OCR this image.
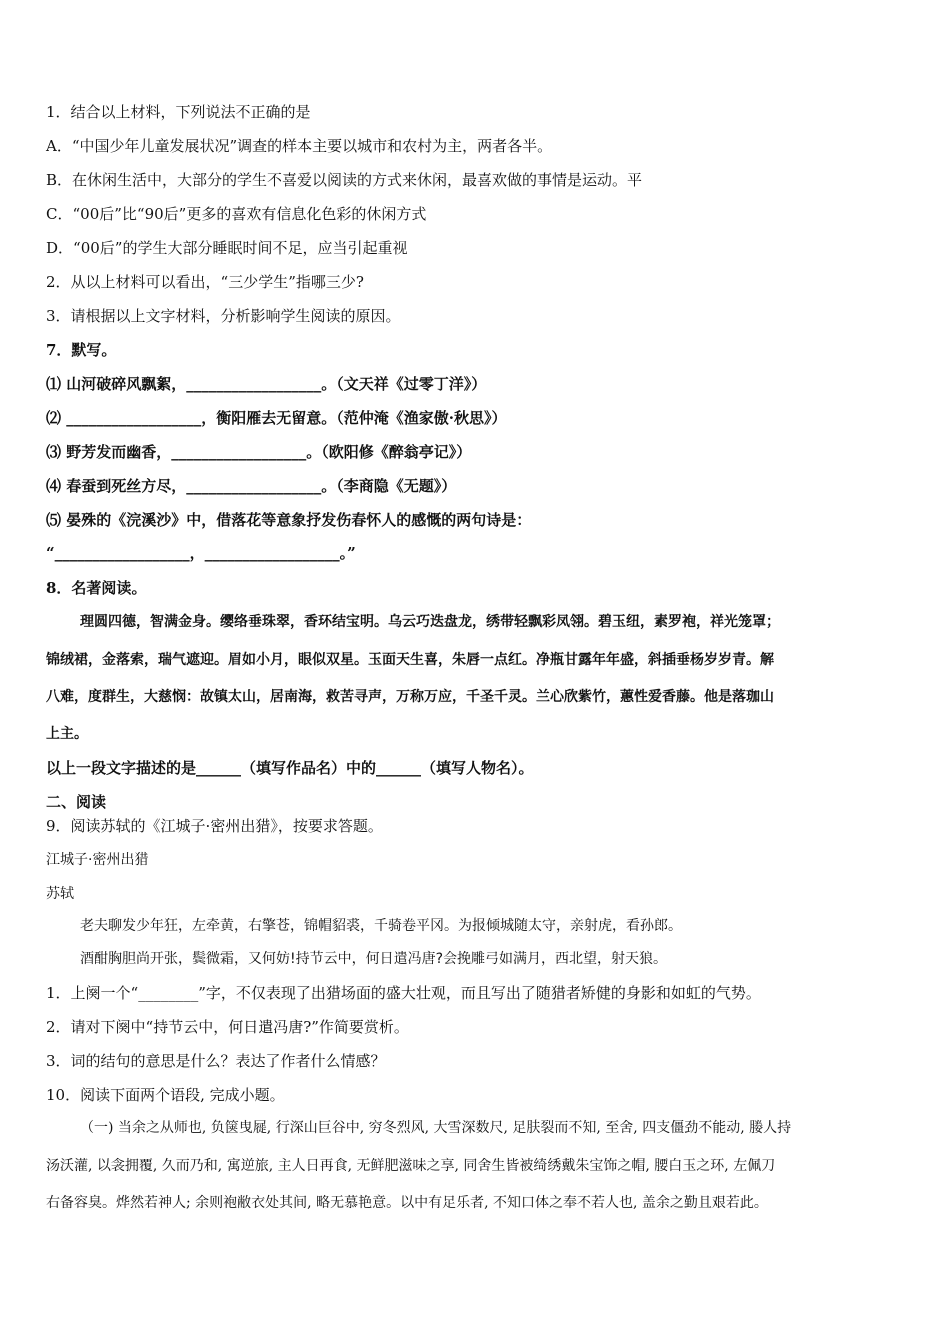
1．结合以上材料，下列说法不正确的是
A．“中国少年儿童发展状况”调查的样本主要以城市和农村为主，两者各半。
B．在休闲生活中，大部分的学生不喜爱以阅读的方式来休闲，最喜欢做的事情是运动。平
C．“00后”比“90后”更多的喜欢有信息化色彩的休闲方式
D．“00后”的学生大部分睡眠时间不足，应当引起重视
2．从以上材料可以看出，“三少学生”指哪三少?
3．请根据以上文字材料，分析影响学生阅读的原因。
7．默写。
⑴ 山河破碎风飘絮，__________________。（文天祥《过零丁洋》）
⑵ __________________，衡阳雁去无留意。（范仲淹《渔家傲·秋思》）
⑶ 野芳发而幽香，__________________。（欧阳修《醉翁亭记》）
⑷ 春蚕到死丝方尽，__________________。（李商隐《无题》）
⑸ 晏殊的《浣溪沙》中，借落花等意象抒发伤春怀人的感慨的两句诗是：
“__________________，__________________。”
8．名著阅读。
理圆四德，智满金身。缨络垂珠翠，香环结宝明。乌云巧迭盘龙，绣带轻飘彩凤翎。碧玉纽，素罗袍，祥光笼罩；
锦绒裙，金落索，瑞气遮迎。眉如小月，眼似双星。玉面天生喜，朱唇一点红。净瓶甘露年年盛，斜插垂杨岁岁青。解
八难，度群生，大慈悯：故镇太山，居南海，救苦寻声，万称万应，千圣千灵。兰心欣紫竹，蕙性爱香藤。他是落珈山
上主。
以上一段文字描述的是______（填写作品名）中的______（填写人物名）。
二、阅读
9．阅读苏轼的《江城子·密州出猎》，按要求答题。
江城子·密州出猎
苏轼
老夫聊发少年狂，左牵黄，右擎苍，锦帽貂裘，千骑卷平冈。为报倾城随太守，亲射虎，看孙郎。
酒酣胸胆尚开张，鬓微霜，又何妨!持节云中，何日遣冯唐?会挽雕弓如满月，西北望，射天狼。
1．上阕一个“________”字，不仅表现了出猎场面的盛大壮观，而且写出了随猎者矫健的身影和如虹的气势。
2．请对下阕中“持节云中，何日遣冯唐?”作简要赏析。
3．词的结句的意思是什么？表达了作者什么情感？
10．阅读下面两个语段, 完成小题。
（一) 当余之从师也, 负箧曳屣, 行深山巨谷中, 穷冬烈风, 大雪深数尺, 足肤裂而不知, 至舍, 四支僵劲不能动, 媵人持
汤沃灌, 以衾拥覆, 久而乃和, 寓逆旅, 主人日再食, 无鲜肥滋味之享, 同舍生皆被绮绣戴朱宝饰之帽, 腰白玉之环, 左佩刀
右备容臭。烨然若神人; 余则袍敝衣处其间, 略无慕艳意。以中有足乐者, 不知口体之奉不若人也, 盖余之勤且艰若此。
